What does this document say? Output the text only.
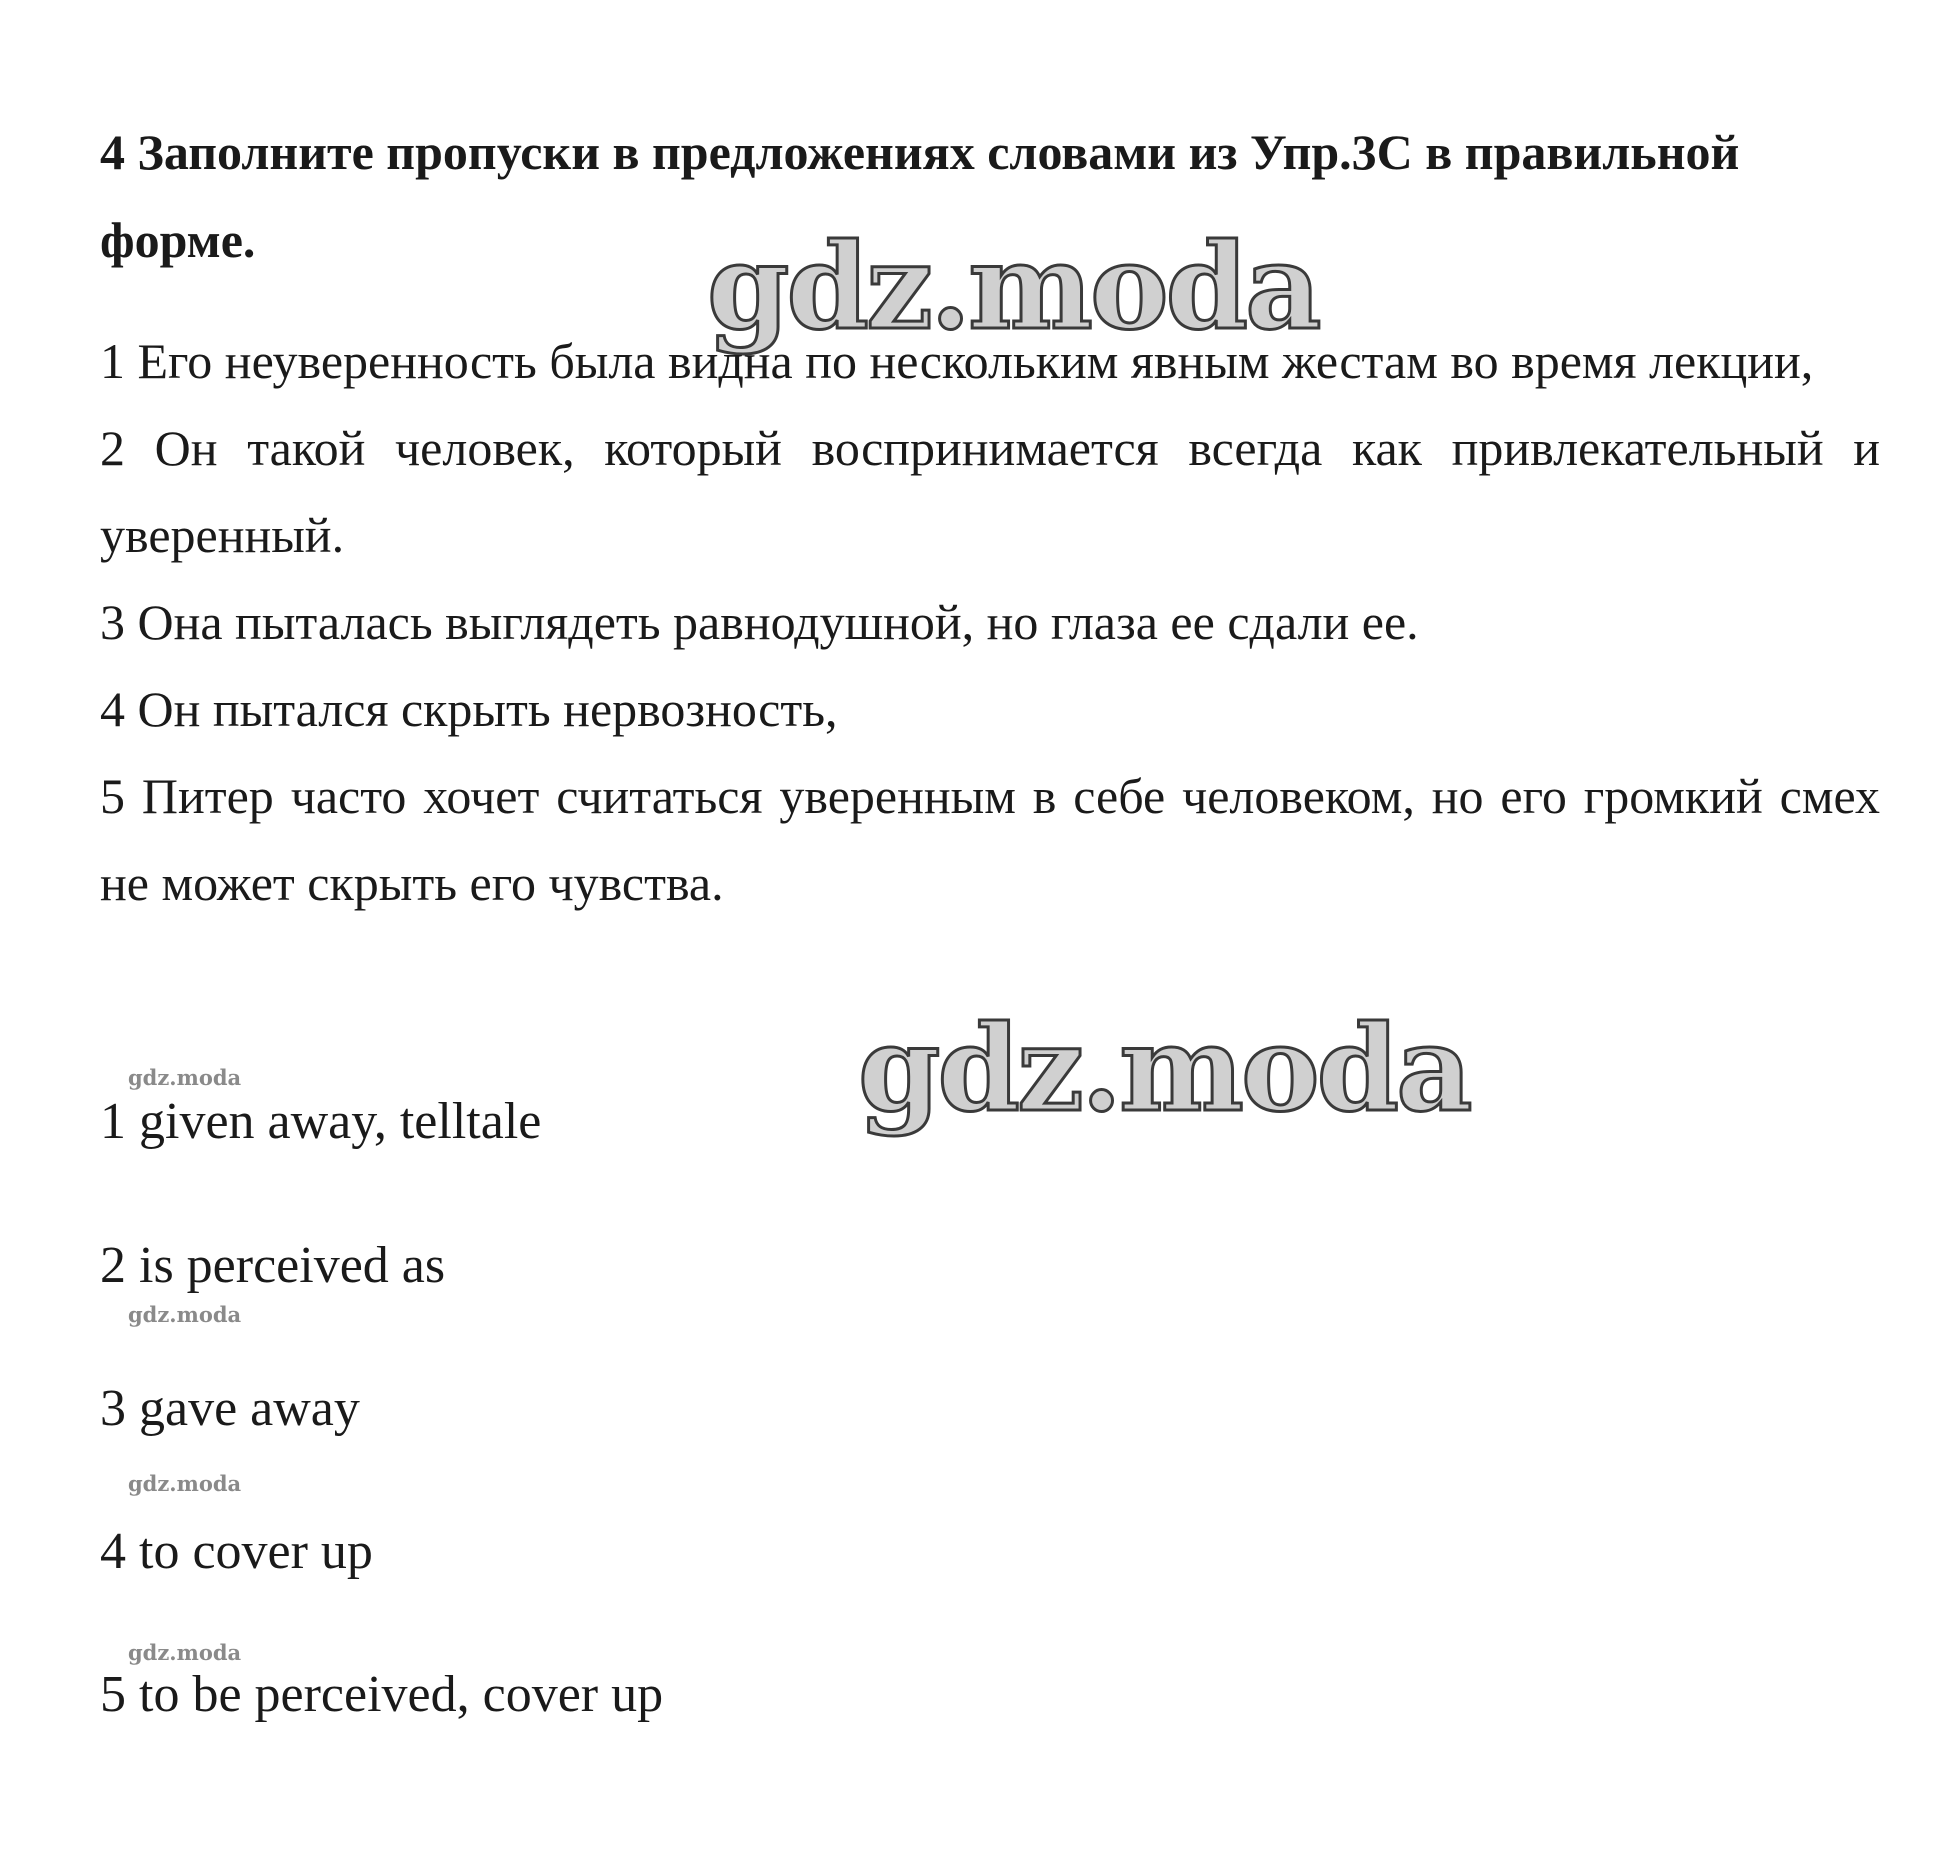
4 Заполните пропуски в предложениях словами из Упр.3С в правильной форме.	gdz.moda

1 Его неуверенность была видна по нескольким явным жестам во время лекции,

2 Он такой человек, который воспринимается всегда как привлекательный и уверенный.

3 Она пыталась выглядеть равнодушной, но глаза ее сдали ее.

4 Он пытался скрыть нервозность,

5 Питер часто хочет считаться уверенным в себе человеком, но его громкий смех не может скрыть его чувства.

gdz.moda
gdz.moda

1 given away, telltale

2 is perceived as

gdz.moda

3 gave away

gdz.moda

4 to cover up

gdz.moda

5 to be perceived, cover up
